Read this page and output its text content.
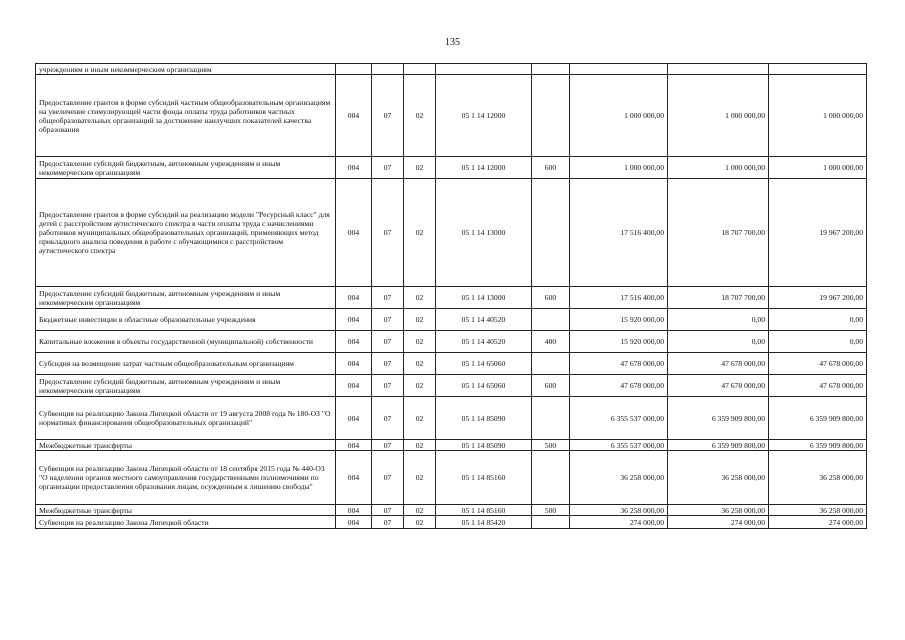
135
учреждениям и иным некоммерческим организациям								
Предоставление грантов в форме субсидий частным общеобразовательным организациям на увеличение стимулирующей части фонда оплаты труда работников частных общеобразовательных организаций за достижение наилучших показателей качества образования	004	07	02	05 1 14 12000		1 000 000,00	1 000 000,00	1 000 000,00
Предоставление субсидий бюджетным, автономным учреждениям и иным некоммерческим организациям	004	07	02	05 1 14 12000	600	1 000 000,00	1 000 000,00	1 000 000,00
Предоставление грантов в форме субсидий на реализацию модели "Ресурсный класс" для детей с расстройством аутистического спектра в части оплаты труда с начислениями работников муниципальных общеобразовательных организаций, применяющих метод прикладного анализа поведения в работе с обучающимися с расстройством аутистического спектра	004	07	02	05 1 14 13000		17 516 400,00	18 707 700,00	19 967 200,00
Предоставление субсидий бюджетным, автономным учреждениям и иным некоммерческим организациям	004	07	02	05 1 14 13000	600	17 516 400,00	18 707 700,00	19 967 200,00
Бюджетные инвестиции в областные образовательные учреждения	004	07	02	05 1 14 40520		15 920 000,00	0,00	0,00
Капитальные вложения в объекты государственной (муниципальной) собственности	004	07	02	05 1 14 40520	400	15 920 000,00	0,00	0,00
Субсидия на возмещение затрат частным общеобразовательным организациям	004	07	02	05 1 14 65060		47 678 000,00	47 678 000,00	47 678 000,00
Предоставление субсидий бюджетным, автономным учреждениям и иным некоммерческим организациям	004	07	02	05 1 14 65060	600	47 678 000,00	47 678 000,00	47 678 000,00
Субвенция на реализацию Закона Липецкой области от 19 августа 2008 года № 180-ОЗ "О нормативах финансирования общеобразовательных организаций"	004	07	02	05 1 14 85090		6 355 537 000,00	6 359 909 800,00	6 359 909 800,00
Межбюджетные трансферты	004	07	02	05 1 14 85090	500	6 355 537 000,00	6 359 909 800,00	6 359 909 800,00
Субвенция на реализацию Закона Липецкой области от 18 сентября 2015 года № 440-ОЗ "О наделении органов местного самоуправления государственными полномочиями по организации предоставления образования лицам, осужденным к лишению свободы"	004	07	02	05 1 14 85160		36 258 000,00	36 258 000,00	36 258 000,00
Межбюджетные трансферты	004	07	02	05 1 14 85160	500	36 258 000,00	36 258 000,00	36 258 000,00
Субвенция на реализацию Закона Липецкой области	004	07	02	05 1 14 85420		274 000,00	274 000,00	274 000,00
